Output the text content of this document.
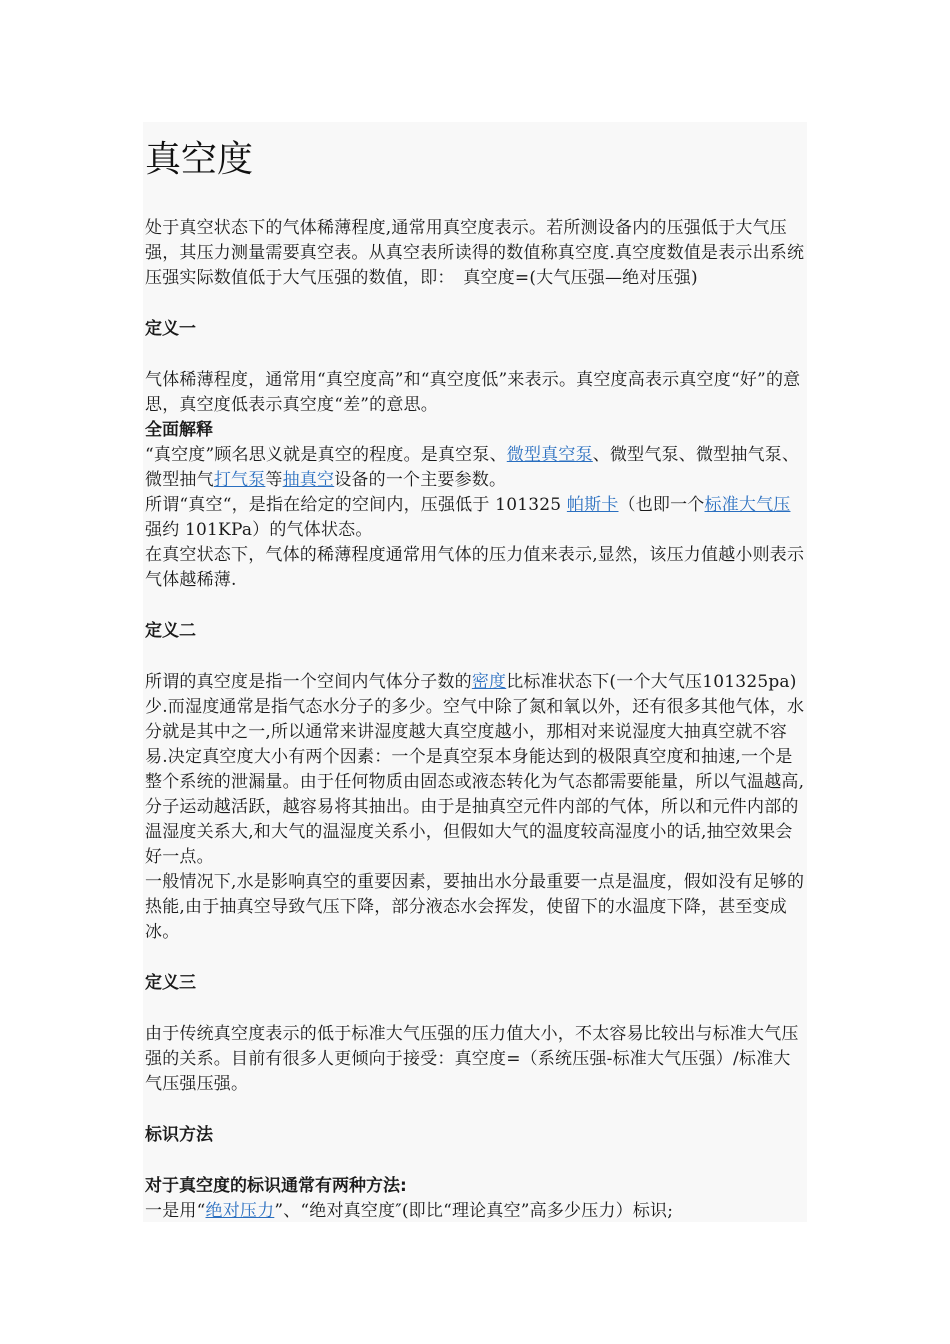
真空度

处于真空状态下的气体稀薄程度,通常用真空度表示。若所测设备内的压强低于大气压强，其压力测量需要真空表。从真空表所读得的数值称真空度.真空度数值是表示出系统压强实际数值低于大气压强的数值，即：　真空度=(大气压强—绝对压强)

定义一

气体稀薄程度，通常用“真空度高”和“真空度低”来表示。真空度高表示真空度“好”的意思，真空度低表示真空度“差”的意思。

全面解释

“真空度”顾名思义就是真空的程度。是真空泵、微型真空泵、微型气泵、微型抽气泵、微型抽气打气泵等抽真空设备的一个主要参数。

所谓“真空“，是指在给定的空间内，压强低于 101325 帕斯卡（也即一个标准大气压强约 101KPa）的气体状态。

在真空状态下，气体的稀薄程度通常用气体的压力值来表示,显然，该压力值越小则表示气体越稀薄.

定义二

所谓的真空度是指一个空间内气体分子数的密度比标准状态下(一个大气压101325pa)少.而湿度通常是指气态水分子的多少。空气中除了氮和氧以外，还有很多其他气体，水分就是其中之一,所以通常来讲湿度越大真空度越小，那相对来说湿度大抽真空就不容易.决定真空度大小有两个因素：一个是真空泵本身能达到的极限真空度和抽速,一个是整个系统的泄漏量。由于任何物质由固态或液态转化为气态都需要能量，所以气温越高,分子运动越活跃，越容易将其抽出。由于是抽真空元件内部的气体，所以和元件内部的温湿度关系大,和大气的温湿度关系小，但假如大气的温度较高湿度小的话,抽空效果会好一点。

一般情况下,水是影响真空的重要因素，要抽出水分最重要一点是温度，假如没有足够的热能,由于抽真空导致气压下降，部分液态水会挥发，使留下的水温度下降，甚至变成冰。

定义三

由于传统真空度表示的低于标准大气压强的压力值大小，不太容易比较出与标准大气压强的关系。目前有很多人更倾向于接受：真空度=（系统压强-标准大气压强）/标准大气压强压强。

标识方法
对于真空度的标识通常有两种方法:

一是用“绝对压力”、“绝对真空度″(即比“理论真空”高多少压力）标识;
